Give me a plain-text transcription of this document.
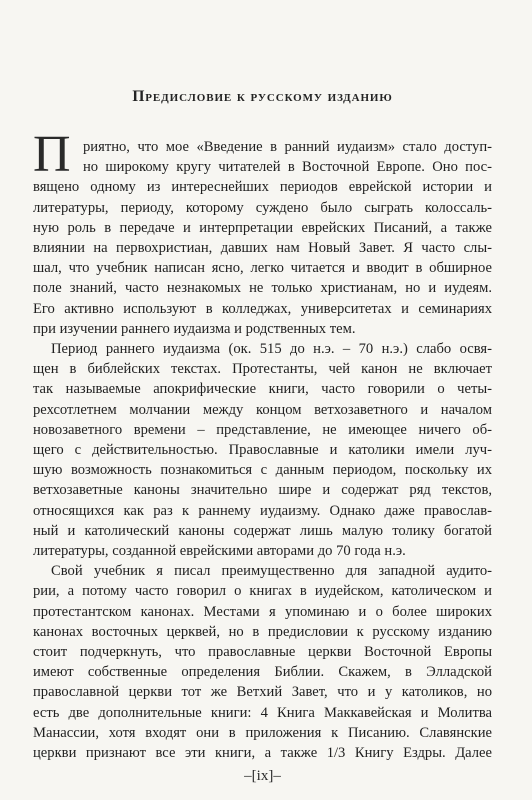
Предисловие к русскому изданию
П риятно, что мое «Введение в ранний иудаизм» стало доступ-
но широкому кругу читателей в Восточной Европе. Оно пос-
вящено одному из интереснейших периодов еврейской истории и
литературы, периоду, которому суждено было сыграть колоссаль-
ную роль в передаче и интерпретации еврейских Писаний, а также
влиянии на первохристиан, давших нам Новый Завет. Я часто слы-
шал, что учебник написан ясно, легко читается и вводит в обширное
поле знаний, часто незнакомых не только христианам, но и иудеям.
Его активно используют в колледжах, университетах и семинариях
при изучении раннего иудаизма и родственных тем.
Период раннего иудаизма (ок. 515 до н.э. – 70 н.э.) слабо освя-
щен в библейских текстах. Протестанты, чей канон не включает
так называемые апокрифические книги, часто говорили о четы-
рехсотлетнем молчании между концом ветхозаветного и началом
новозаветного времени – представление, не имеющее ничего об-
щего с действительностью. Православные и католики имели луч-
шую возможность познакомиться с данным периодом, поскольку их
ветхозаветные каноны значительно шире и содержат ряд текстов,
относящихся как раз к раннему иудаизму. Однако даже православ-
ный и католический каноны содержат лишь малую толику богатой
литературы, созданной еврейскими авторами до 70 года н.э.
Свой учебник я писал преимущественно для западной аудито-
рии, а потому часто говорил о книгах в иудейском, католическом и
протестантском канонах. Местами я упоминаю и о более широких
канонах восточных церквей, но в предисловии к русскому изданию
стоит подчеркнуть, что православные церкви Восточной Европы
имеют собственные определения Библии. Скажем, в Элладской
православной церкви тот же Ветхий Завет, что и у католиков, но
есть две дополнительные книги: 4 Книга Маккавейская и Молитва
Манасcии, хотя входят они в приложения к Писанию. Славянские
церкви признают все эти книги, а также 1/3 Книгу Ездры. Далее
–[ix]–
